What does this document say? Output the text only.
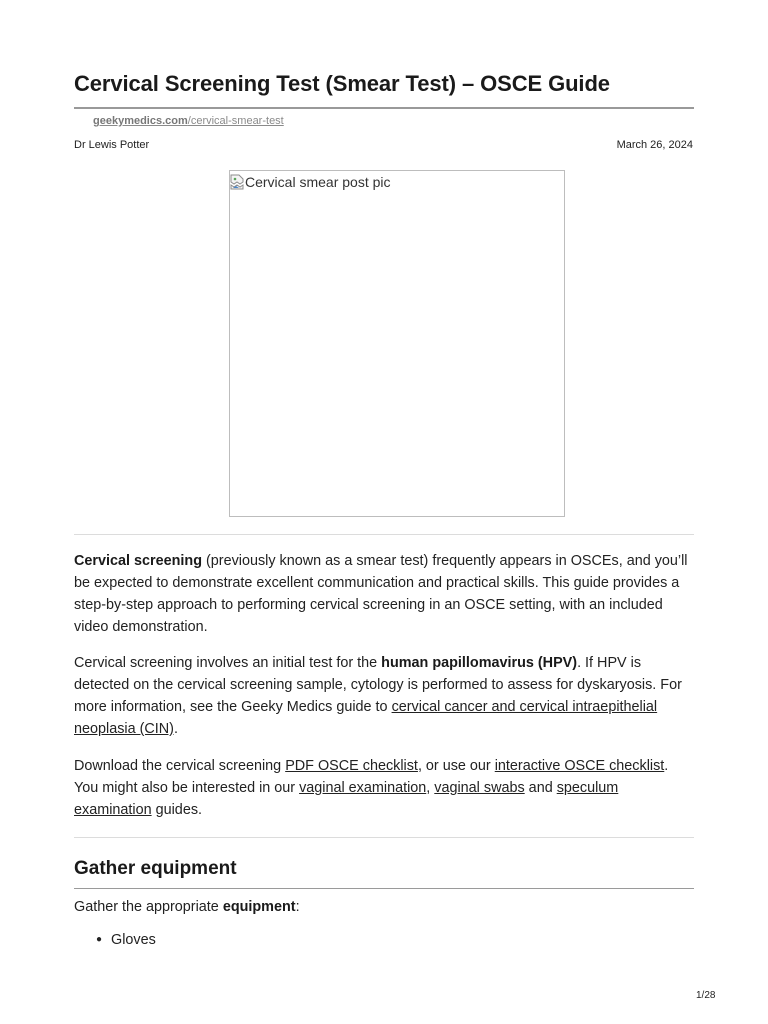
Cervical Screening Test (Smear Test) – OSCE Guide
geekymedics.com/cervical-smear-test
Dr Lewis Potter	March 26, 2024
Cervical smear post pic
Cervical screening (previously known as a smear test) frequently appears in OSCEs, and you’ll be expected to demonstrate excellent communication and practical skills. This guide provides a step-by-step approach to performing cervical screening in an OSCE setting, with an included video demonstration.
Cervical screening involves an initial test for the human papillomavirus (HPV). If HPV is detected on the cervical screening sample, cytology is performed to assess for dyskaryosis. For more information, see the Geeky Medics guide to cervical cancer and cervical intraepithelial neoplasia (CIN).
Download the cervical screening PDF OSCE checklist, or use our interactive OSCE checklist. You might also be interested in our vaginal examination, vaginal swabs and speculum examination guides.
Gather equipment
Gather the appropriate equipment:
● Gloves
1/28
